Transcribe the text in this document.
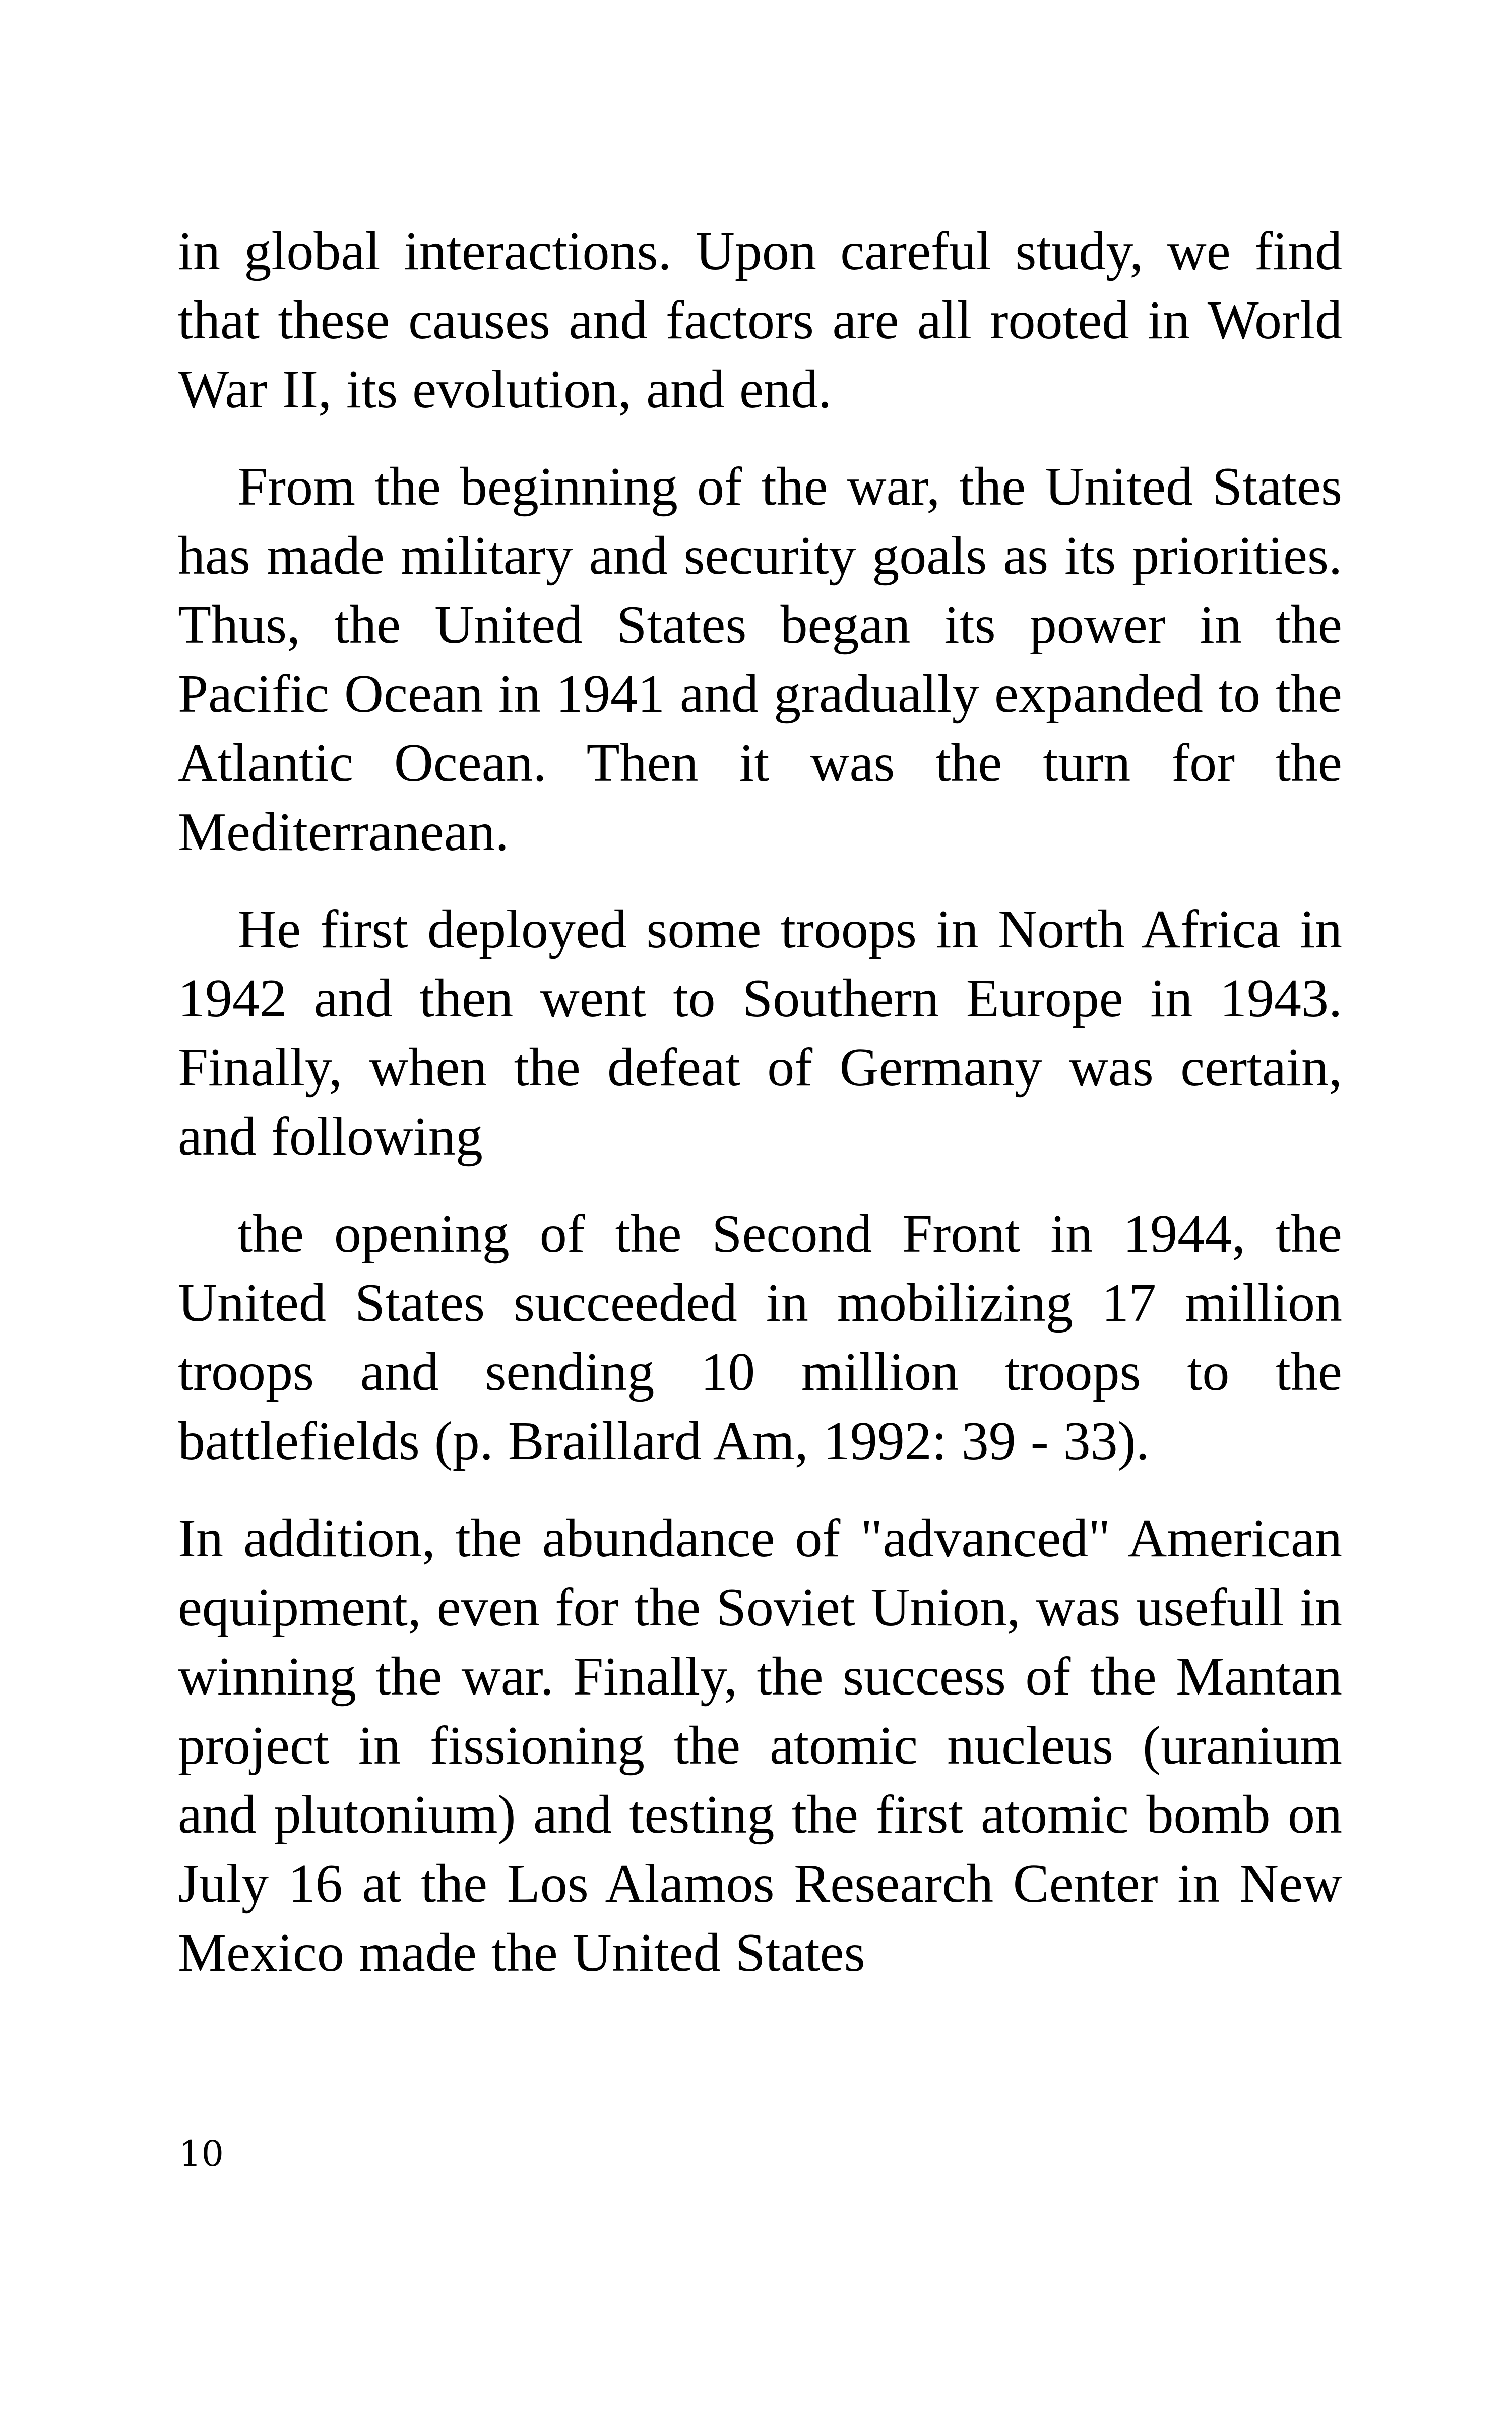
in global interactions. Upon careful study, we find that these causes and factors are all rooted in World War II, its evolution, and end.

From the beginning of the war, the United States has made military and security goals as its priorities. Thus, the United States began its power in the Pacific Ocean in 1941 and gradually expanded to the Atlantic Ocean. Then it was the turn for the Mediterranean.

He first deployed some troops in North Africa in 1942 and then went to Southern Europe in 1943. Finally, when the defeat of Germany was certain, and following

the opening of the Second Front in 1944, the United States succeeded in mobilizing 17 million troops and sending 10 million troops to the battlefields (p. Braillard Am, 1992: 39 - 33).

In addition, the abundance of "advanced" American equipment, even for the Soviet Union, was usefull in winning the war. Finally, the success of the Mantan project in fissioning the atomic nucleus (uranium and plutonium) and testing the first atomic bomb on July 16 at the Los Alamos Research Center in New Mexico made the United States

10
